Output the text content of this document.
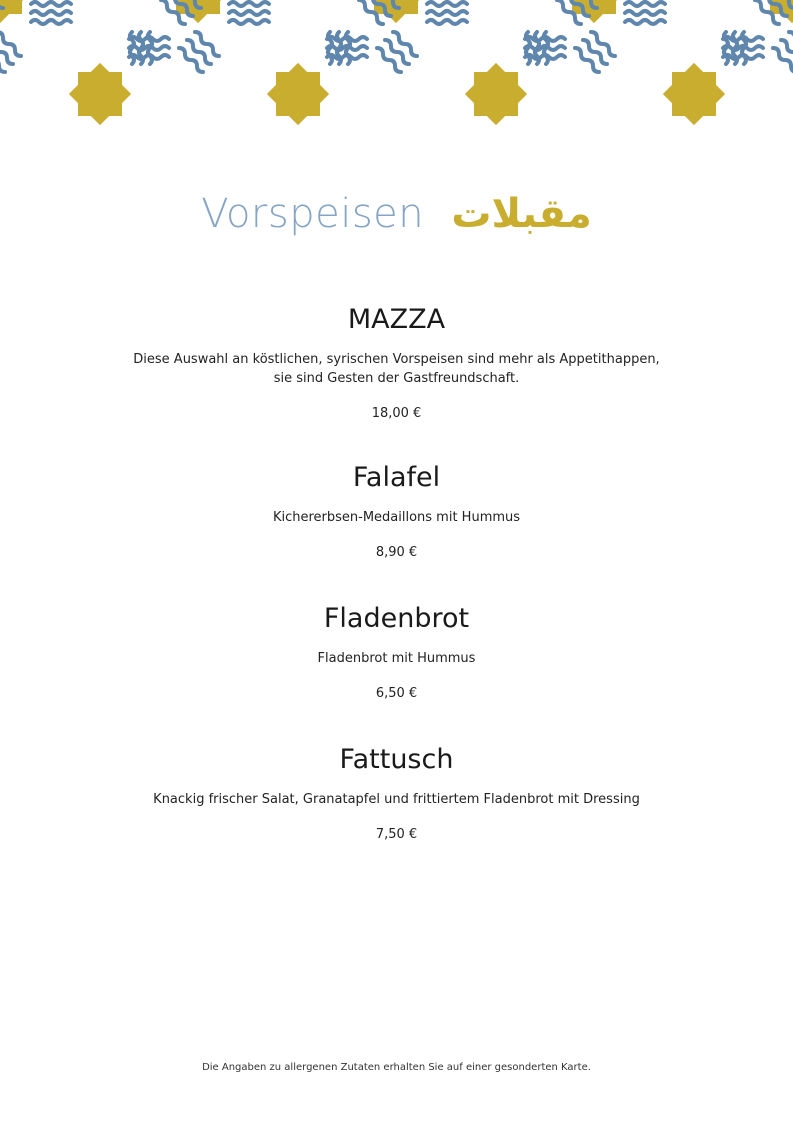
Vorspeisen مقبلات
MAZZA
Diese Auswahl an köstlichen, syrischen Vorspeisen sind mehr als Appetithappen,
sie sind Gesten der Gastfreundschaft.
18,00 €
Falafel
Kichererbsen-Medaillons mit Hummus
8,90 €
Fladenbrot
Fladenbrot mit Hummus
6,50 €
Fattusch
Knackig frischer Salat, Granatapfel und frittiertem Fladenbrot mit Dressing
7,50 €
Die Angaben zu allergenen Zutaten erhalten Sie auf einer gesonderten Karte.
